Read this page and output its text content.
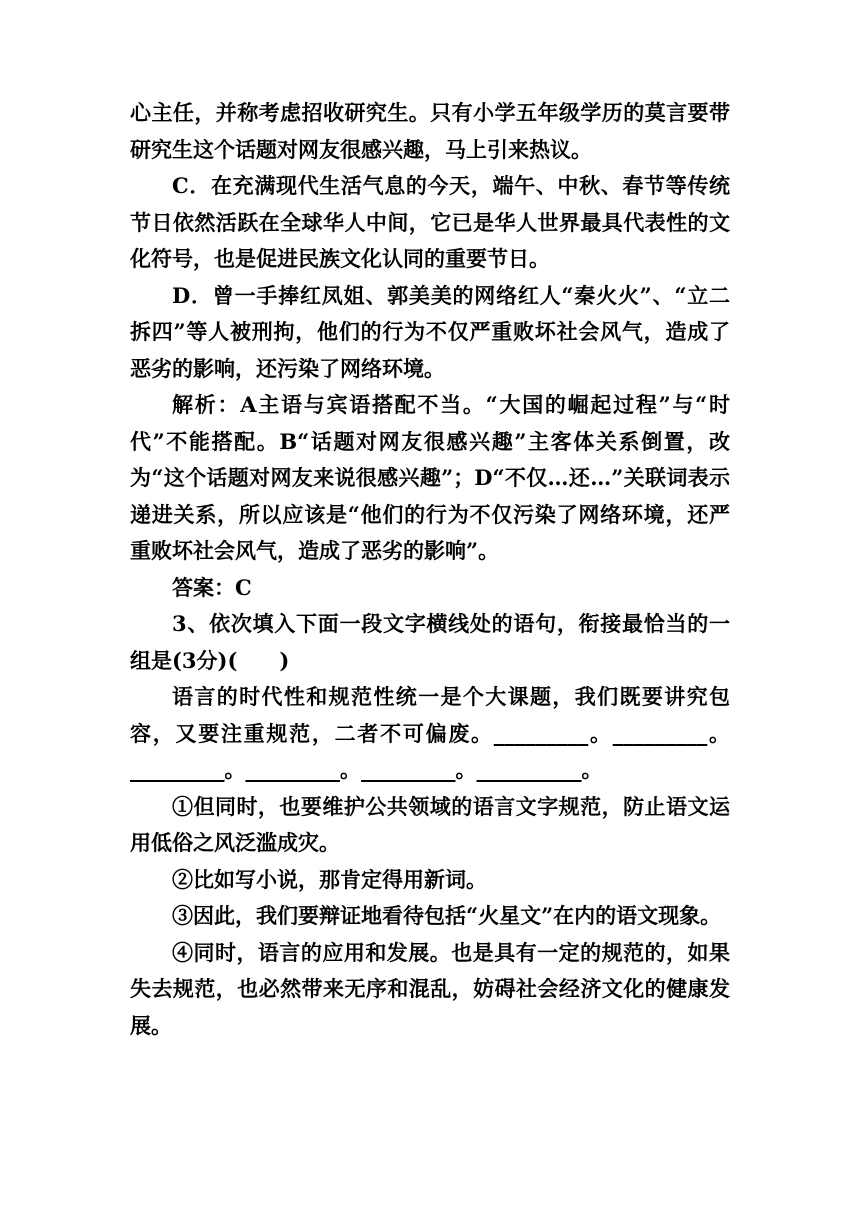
心主任，并称考虑招收研究生。只有小学五年级学历的莫言要带研究生这个话题对网友很感兴趣，马上引来热议。

C．在充满现代生活气息的今天，端午、中秋、春节等传统节日依然活跃在全球华人中间，它已是华人世界最具代表性的文化符号，也是促进民族文化认同的重要节日。

D．曾一手捧红凤姐、郭美美的网络红人“秦火火”、“立二拆四”等人被刑拘，他们的行为不仅严重败坏社会风气，造成了恶劣的影响，还污染了网络环境。

解析：A主语与宾语搭配不当。“大国的崛起过程”与“时代”不能搭配。B“话题对网友很感兴趣”主客体关系倒置，改为“这个话题对网友来说很感兴趣”；D“不仅…还…”关联词表示递进关系，所以应该是“他们的行为不仅污染了网络环境，还严重败坏社会风气，造成了恶劣的影响”。

答案：C

3、依次填入下面一段文字横线处的语句，衔接最恰当的一组是(3分)(　　)

语言的时代性和规范性统一是个大课题，我们既要讲究包容，又要注重规范，二者不可偏废。_________。_________。_________。_________。_________。__________。

①但同时，也要维护公共领域的语言文字规范，防止语文运用低俗之风泛滥成灾。

②比如写小说，那肯定得用新词。

③因此，我们要辩证地看待包括“火星文”在内的语文现象。

④同时，语言的应用和发展。也是具有一定的规范的，如果失去规范，也必然带来无序和混乱，妨碍社会经济文化的健康发展。
